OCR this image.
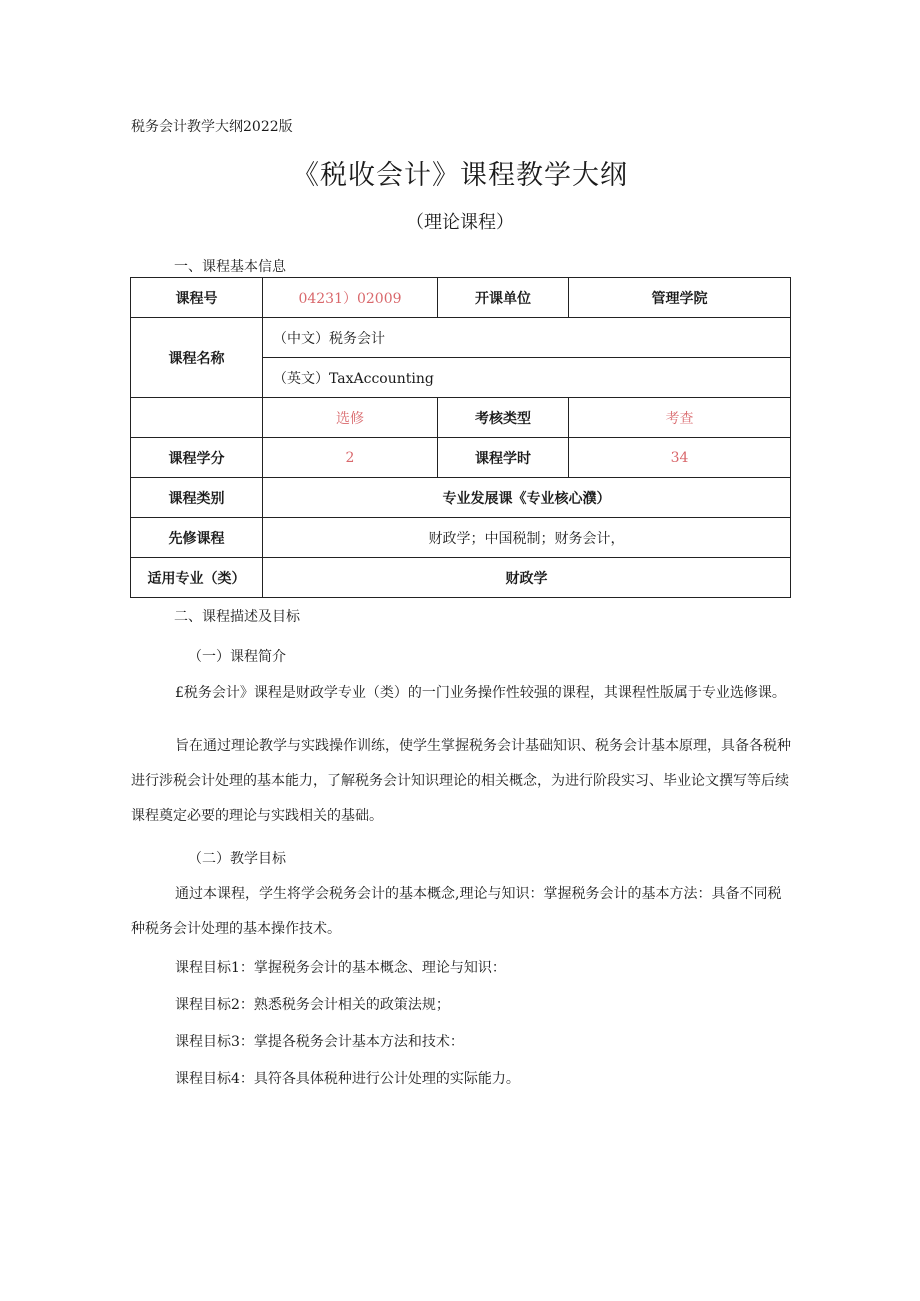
税务会计教学大纲2022版
《税收会计》课程教学大纲
（理论课程）
一、课程基本信息
课程号	04231）02009	开课单位	管理学院
课程名称	（中文）税务会计		
	（英文）TaxAccounting		
	选修	考核类型	考查
课程学分	2	课程学时	34
课程类别	专业发展课《专业核心濮）		
先修课程	财政学；中国税制；财务会计，		
适用专业（类）	财政学		
二、课程描述及目标
（一）课程简介
£税务会计》课程是财政学专业（类）的一门业务操作性较强的课程，其课程性版属于专业选修课。
旨在通过理论教学与实践操作训练，使学生掌握税务会计基础知识、税务会计基本原理，具备各税种进行涉税会计处理的基本能力，了解税务会计知识理论的相关概念，为进行阶段实习、毕业论文撰写等后续课程奠定必要的理论与实践相关的基础。
（二）教学目标
通过本课程，学生将学会税务会计的基本概念,理论与知识：掌握税务会计的基本方法：具备不同税种税务会计处理的基本操作技术。
课程目标1：掌握税务会计的基本概念、理论与知识：
课程目标2：熟悉税务会计相关的政策法规；
课程目标3：掌提各税务会计基本方法和技术：
课程目标4：具符各具体税种进行公计处理的实际能力。
